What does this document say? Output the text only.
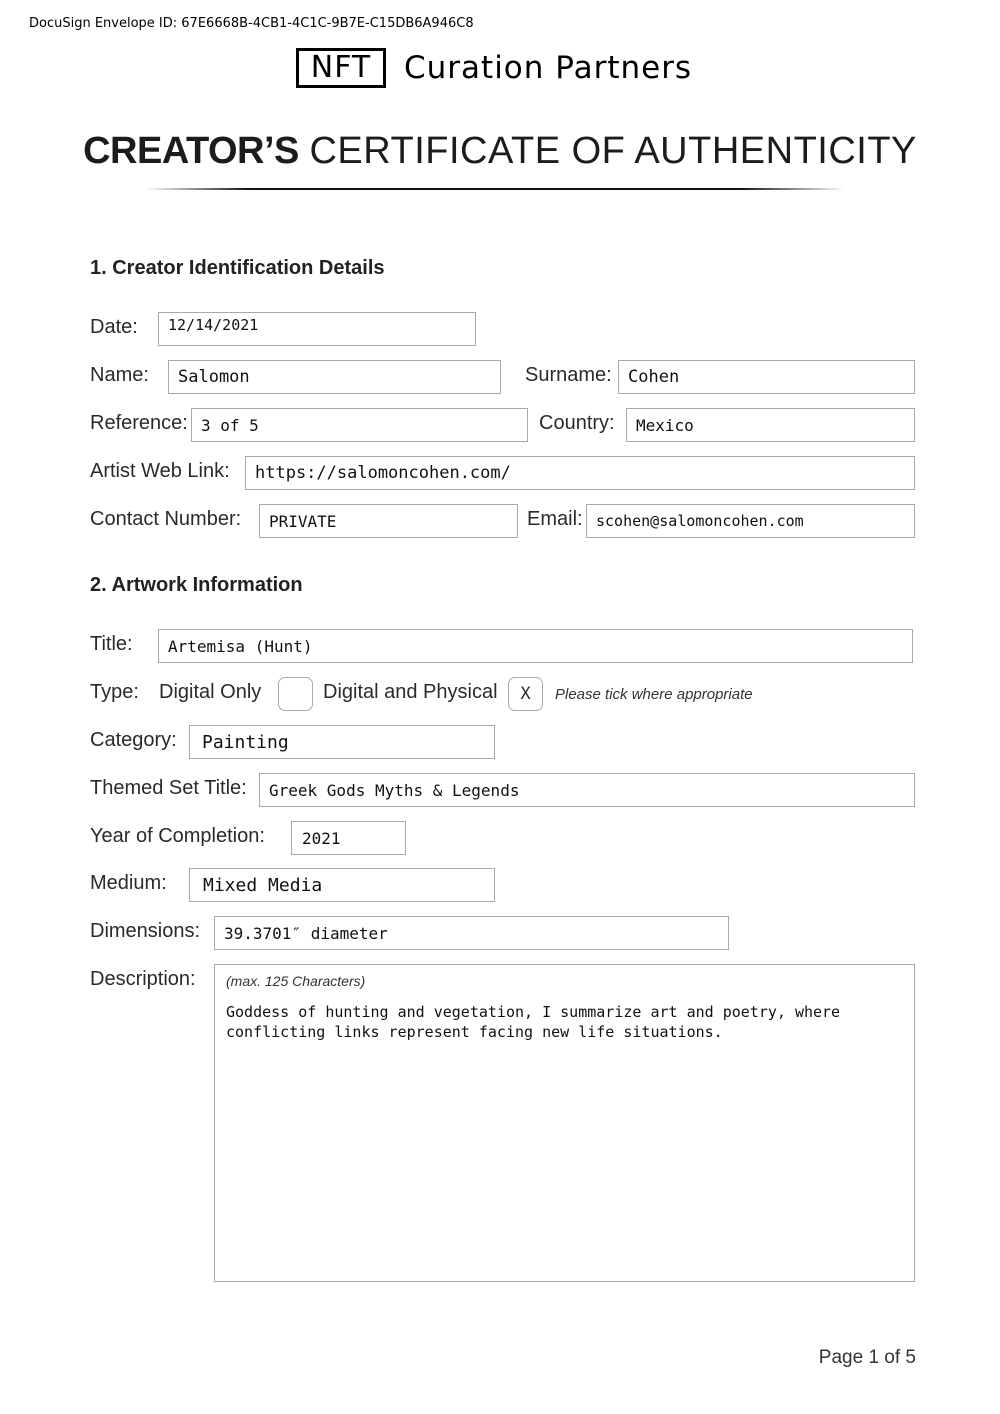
DocuSign Envelope ID: 67E6668B-4CB1-4C1C-9B7E-C15DB6A946C8
NFT	Curation Partners
CREATOR’S CERTIFICATE OF AUTHENTICITY
1. Creator Identification Details
Date:	12/14/2021
Name:	Salomon	Surname: Cohen
Reference: 3 of 5	Country:	Mexico
Artist Web Link:	https://salomoncohen.com/
Contact Number:	PRIVATE	Email: scohen@salomoncohen.com
2. Artwork Information
Title:	Artemisa (Hunt)
Type: Digital Only	Digital and Physical	X	Please tick where appropriate
Category:	Painting
Themed Set Title:	Greek Gods Myths & Legends
Year of Completion:	2021
Medium:	Mixed Media
Dimensions:	39.3701″ diameter
Description: (max. 125 Characters)
Goddess of hunting and vegetation, I summarize art and poetry, where conflicting links represent facing new life situations.
Page 1 of 5
